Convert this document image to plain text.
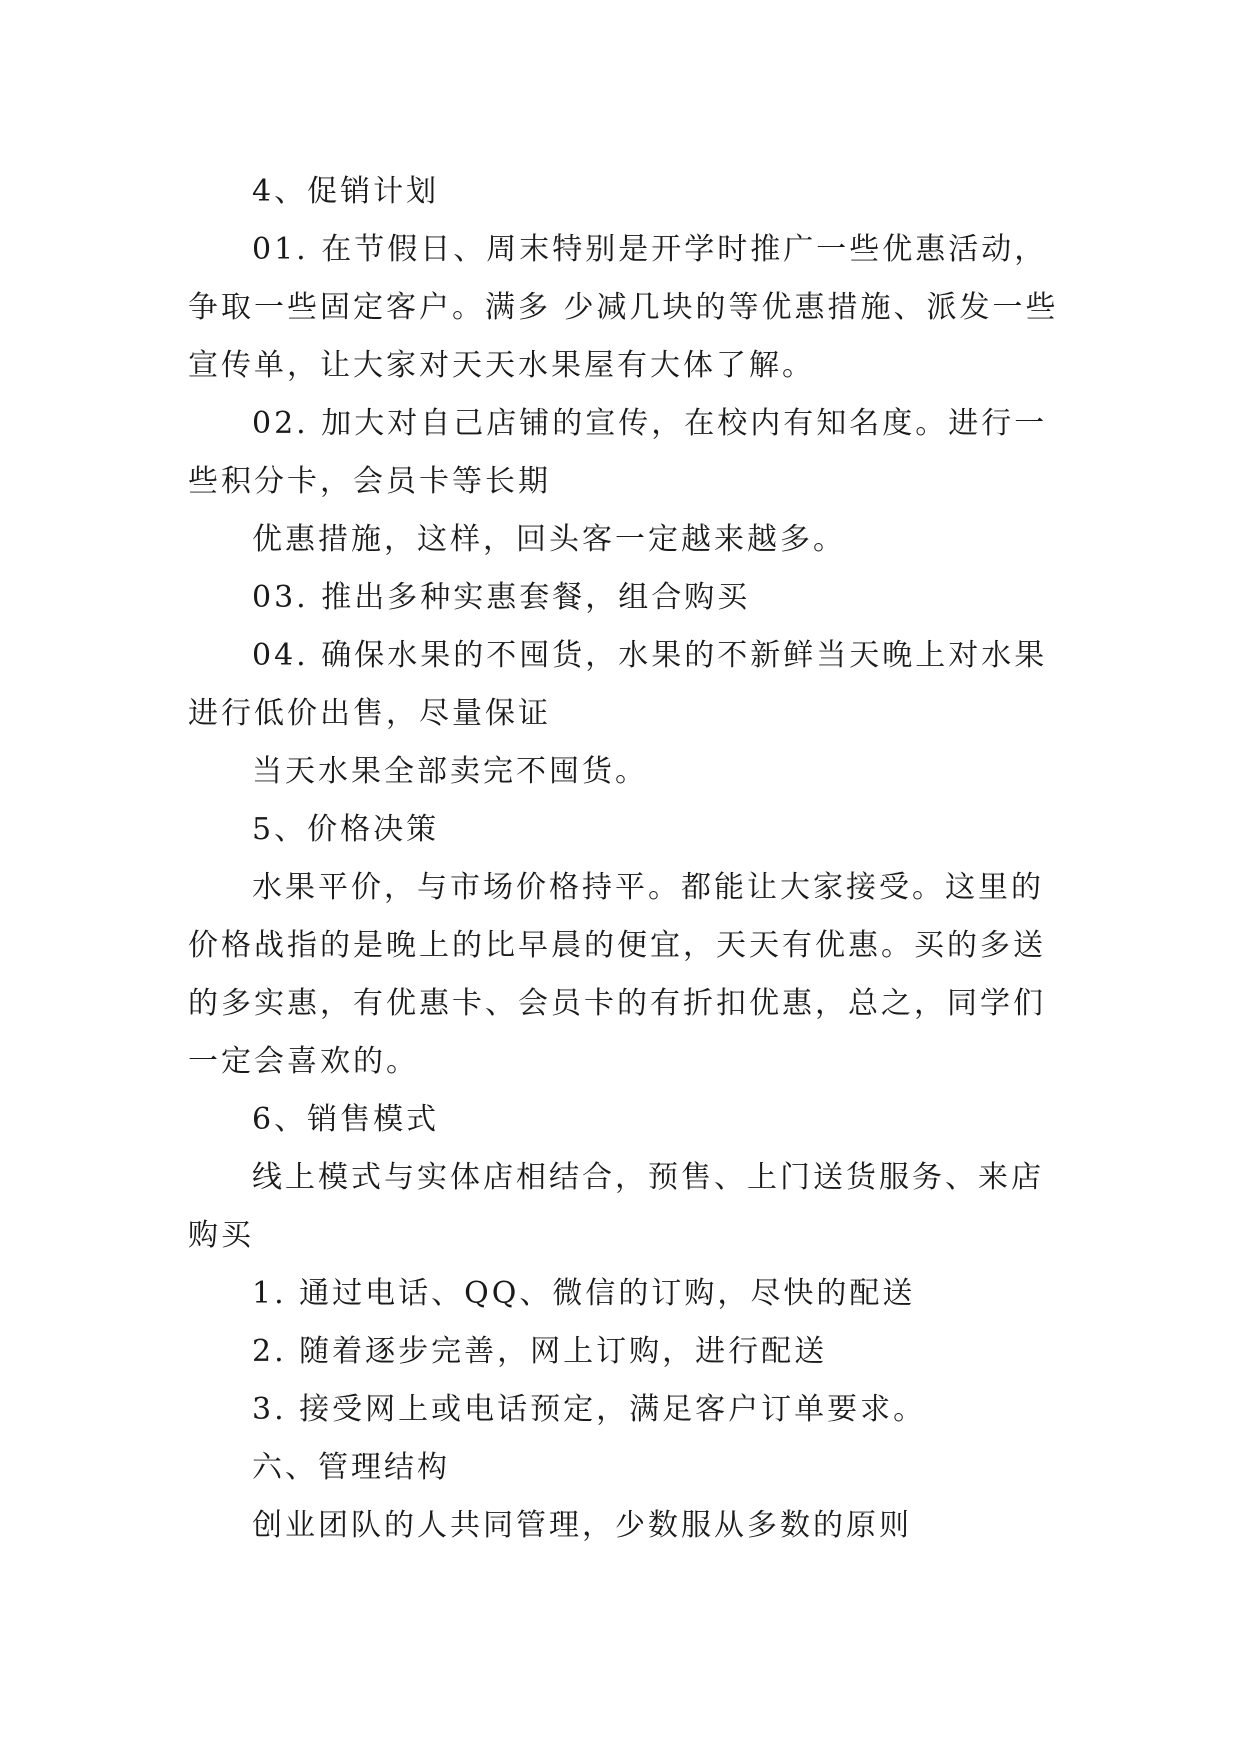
4、促销计划

01. 在节假日、周末特别是开学时推广一些优惠活动，争取一些固定客户。满多 少减几块的等优惠措施、派发一些宣传单，让大家对天天水果屋有大体了解。

02. 加大对自己店铺的宣传，在校内有知名度。进行一些积分卡，会员卡等长期

优惠措施，这样，回头客一定越来越多。

03. 推出多种实惠套餐，组合购买

04. 确保水果的不囤货，水果的不新鲜当天晚上对水果进行低价出售，尽量保证

当天水果全部卖完不囤货。

5、价格决策

水果平价，与市场价格持平。都能让大家接受。这里的价格战指的是晚上的比早晨的便宜，天天有优惠。买的多送的多实惠，有优惠卡、会员卡的有折扣优惠，总之，同学们一定会喜欢的。

6、销售模式

线上模式与实体店相结合，预售、上门送货服务、来店购买

1. 通过电话、QQ、微信的订购，尽快的配送

2. 随着逐步完善，网上订购，进行配送

3. 接受网上或电话预定，满足客户订单要求。

六、管理结构

创业团队的人共同管理，少数服从多数的原则
